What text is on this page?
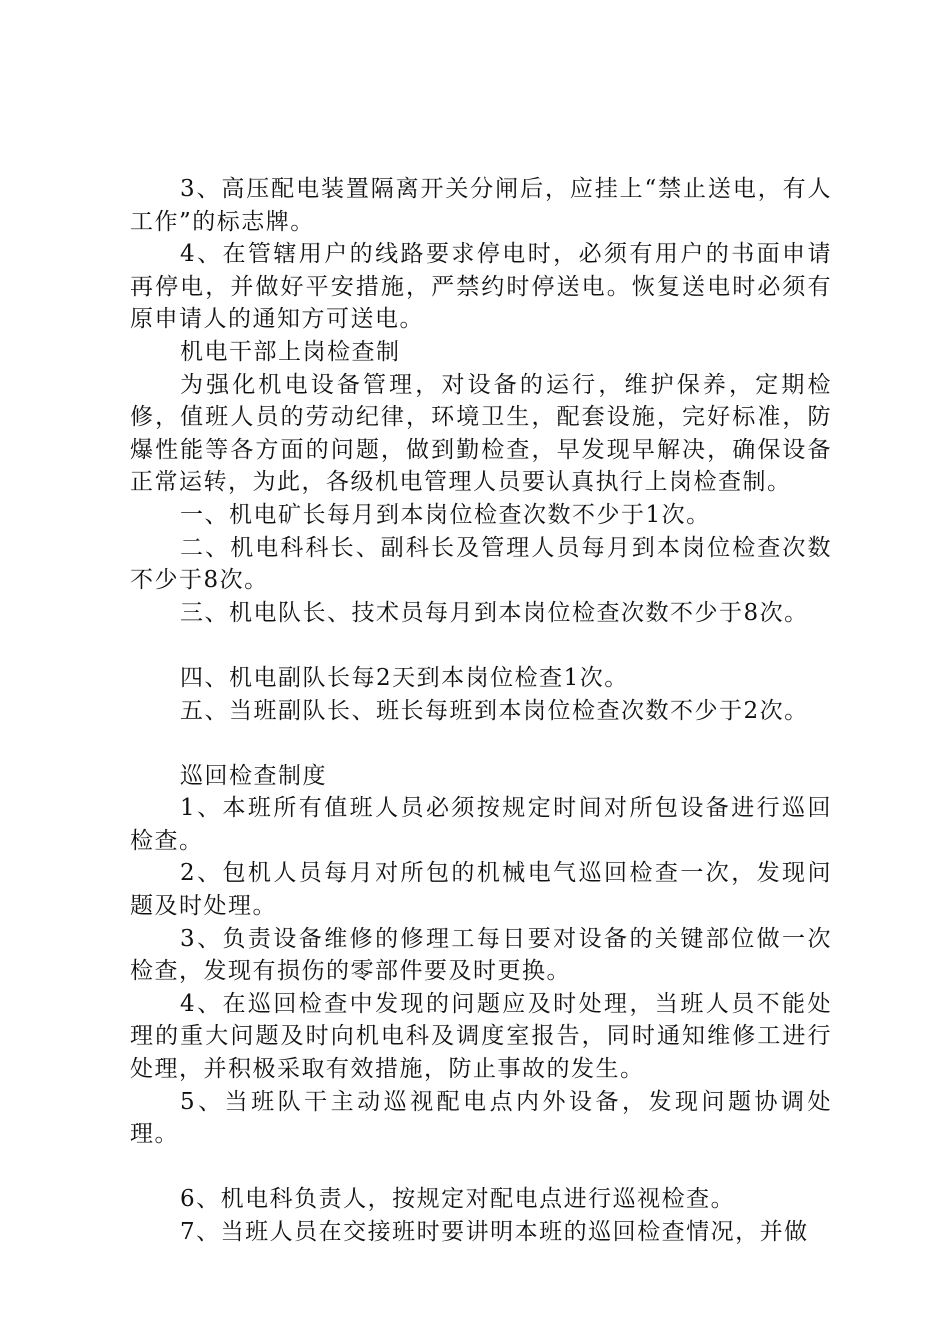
3、高压配电装置隔离开关分闸后，应挂上“禁止送电，有人工作”的标志牌。

4、在管辖用户的线路要求停电时，必须有用户的书面申请再停电，并做好平安措施，严禁约时停送电。恢复送电时必须有原申请人的通知方可送电。

机电干部上岗检查制

为强化机电设备管理，对设备的运行，维护保养，定期检修，值班人员的劳动纪律，环境卫生，配套设施，完好标准，防爆性能等各方面的问题，做到勤检查，早发现早解决，确保设备正常运转，为此，各级机电管理人员要认真执行上岗检查制。

一、机电矿长每月到本岗位检查次数不少于1次。

二、机电科科长、副科长及管理人员每月到本岗位检查次数不少于8次。

三、机电队长、技术员每月到本岗位检查次数不少于8次。

四、机电副队长每2天到本岗位检查1次。

五、当班副队长、班长每班到本岗位检查次数不少于2次。

巡回检查制度

1、本班所有值班人员必须按规定时间对所包设备进行巡回检查。

2、包机人员每月对所包的机械电气巡回检查一次，发现问题及时处理。

3、负责设备维修的修理工每日要对设备的关键部位做一次检查，发现有损伤的零部件要及时更换。

4、在巡回检查中发现的问题应及时处理，当班人员不能处理的重大问题及时向机电科及调度室报告，同时通知维修工进行处理，并积极采取有效措施，防止事故的发生。

5、当班队干主动巡视配电点内外设备，发现问题协调处理。

6、机电科负责人，按规定对配电点进行巡视检查。

7、当班人员在交接班时要讲明本班的巡回检查情况，并做
